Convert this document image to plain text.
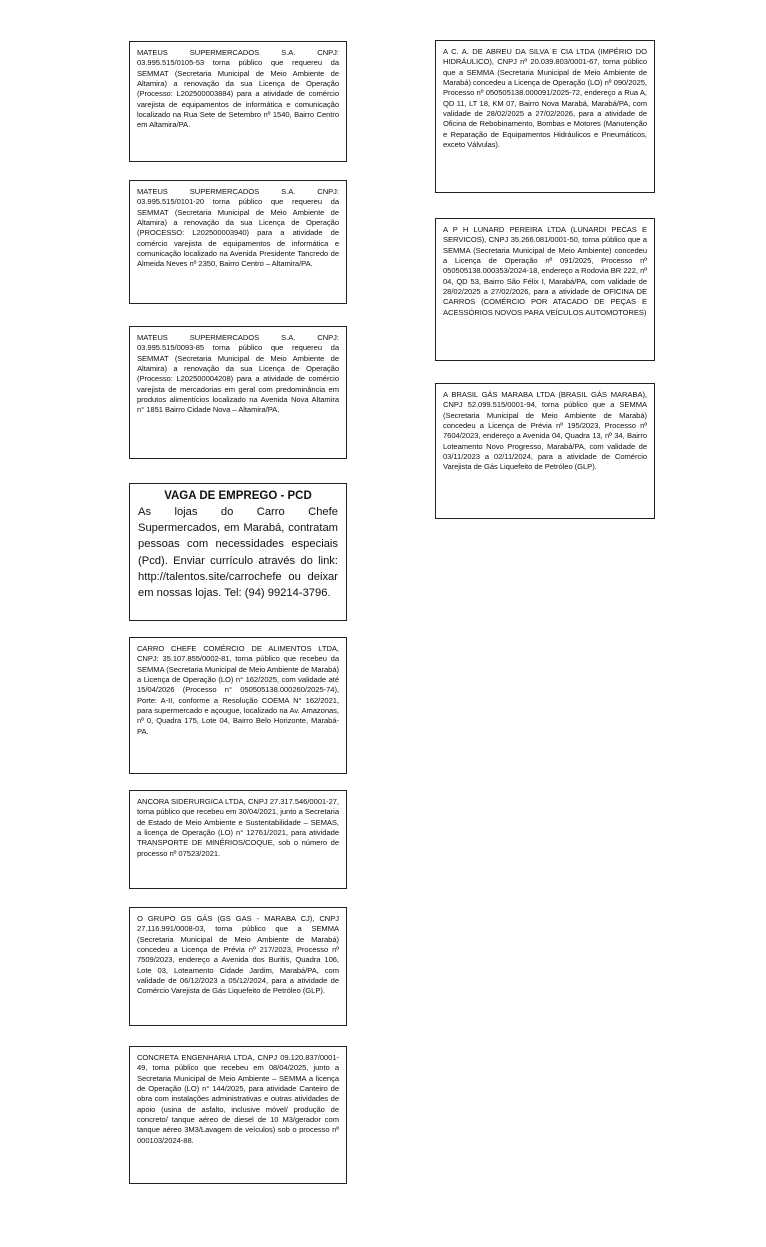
MATEUS SUPERMERCADOS S.A. CNPJ: 03.995.515/0105-53 torna público que requereu da SEMMAT (Secretaria Municipal de Meio Ambiente de Altamira) a renovação da sua Licença de Operação (Processo: L202500003884) para a atividade de comércio varejista de equipamentos de informática e comunicação localizado na Rua Sete de Setembro nº 1540, Bairro Centro em Altamira/PA.

MATEUS SUPERMERCADOS S.A. CNPJ: 03.995.515/0101-20 torna público que requereu da SEMMAT (Secretaria Municipal de Meio Ambiente de Altamira) a renovação da sua Licença de Operação (PROCESSO: L202500003940) para a atividade de comércio varejista de equipamentos de informática e comunicação localizado na Avenida Presidente Tancredo de Almeida Neves nº 2350, Bairro Centro – Altamira/PA.

MATEUS SUPERMERCADOS S.A. CNPJ: 03.995.515/0093-85 torna público que requereu da SEMMAT (Secretaria Municipal de Meio Ambiente de Altamira) a renovação da sua Licença de Operação (Processo: L202500004208) para a atividade de comércio varejista de mercadorias em geral com predominância em produtos alimentícios localizado na Avenida Nova Altamira n° 1851 Bairro Cidade Nova – Altamira/PA.

VAGA DE EMPREGO - PCD

As lojas do Carro Chefe Supermercados, em Marabá, contratam pessoas com necessidades especiais (Pcd). Enviar currículo através do link: http://talentos.site/carrochefe ou deixar em nossas lojas. Tel: (94) 99214-3796.

CARRO CHEFE COMÉRCIO DE ALIMENTOS LTDA, CNPJ: 35.107.855/0002-81, torna público que recebeu da SEMMA (Secretaria Municipal de Meio Ambiente de Marabá) a Licença de Operação (LO) n° 162/2025, com validade até 15/04/2026 (Processo n° 050505138.000260/2025-74), Porte: A-II, conforme a Resolução COEMA N° 162/2021, para supermercado e açougue, localizado na Av. Amazonas, nº 0, Quadra 175, Lote 04, Bairro Belo Horizonte, Marabá-PA.

ANCORA SIDERURGICA LTDA, CNPJ 27.317.546/0001-27, torna público que recebeu em 30/04/2021, junto a Secretaria de Estado de Meio Ambiente e Sustentabilidade – SEMAS, a licença de Operação (LO) n° 12761/2021, para atividade TRANSPORTE DE MINÉRIOS/COQUE, sob o número de processo nº 07523/2021.

O GRUPO GS GÁS (GS GAS - MARABA CJ), CNPJ 27.116.991/0008-03, torna público que a SEMMA (Secretaria Municipal de Meio Ambiente de Marabá) concedeu a Licença de Prévia nº 217/2023, Processo nº 7509/2023, endereço a Avenida dos Buritis, Quadra 106, Lote 03, Loteamento Cidade Jardim, Marabá/PA, com validade de 06/12/2023 a 05/12/2024, para a atividade de Comércio Varejista de Gás Liquefeito de Petróleo (GLP).

CONCRETA ENGENHARIA LTDA, CNPJ 09.120.837/0001-49, torna público que recebeu em 08/04/2025, junto a Secretaria Municipal de Meio Ambiente – SEMMA a licença de Operação (LO) n° 144/2025, para atividade Canteiro de obra com instalações administrativas e outras atividades de apoio (usina de asfalto, inclusive móvel/ produção de concreto/ tanque aéreo de diesel de 10 M3/gerador com tanque aéreo 3M3/Lavagem de veículos) sob o processo nº 000103/2024-88.

A C. A. DE ABREU DA SILVA E CIA LTDA (IMPÉRIO DO HIDRÁULICO), CNPJ nº 20.039.803/0001-67, torna público que a SEMMA (Secretaria Municipal de Meio Ambiente de Marabá) concedeu a Licença de Operação (LO) nº 090/2025, Processo nº 050505138.000091/2025-72, endereço a Rua A, QD 11, LT 18, KM 07, Bairro Nova Marabá, Marabá/PA, com validade de 28/02/2025 a 27/02/2026, para a atividade de Oficina de Rebobinamento, Bombas e Motores (Manutenção e Reparação de Equipamentos Hidráulicos e Pneumáticos, exceto Válvulas).

A P H LUNARD PEREIRA LTDA (LUNARDI PECAS E SERVICOS), CNPJ 35.266.081/0001-50, torna público que a SEMMA (Secretaria Municipal de Meio Ambiente) concedeu a Licença de Operação nº 091/2025, Processo nº 050505138.000353/2024-18, endereço a Rodovia BR 222, nº 04, QD 53, Bairro São Félix I, Marabá/PA, com validade de 28/02/2025 a 27/02/2026, para a atividade de OFICINA DE CARROS (COMÉRCIO POR ATACADO DE PEÇAS E ACESSÓRIOS NOVOS PARA VEÍCULOS AUTOMOTORES)

A BRASIL GÁS MARABA LTDA (BRASIL GÁS MARABA), CNPJ 52.099.515/0001-94, torna público que a SEMMA (Secretaria Municipal de Meio Ambiente de Marabá) concedeu a Licença de Prévia nº 195/2023, Processo nº 7604/2023, endereço a Avenida 04, Quadra 13, nº 34, Bairro Loteamento Novo Progresso, Marabá/PA, com validade de 03/11/2023 a 02/11/2024, para a atividade de Comércio Varejista de Gás Liquefeito de Petróleo (GLP).
